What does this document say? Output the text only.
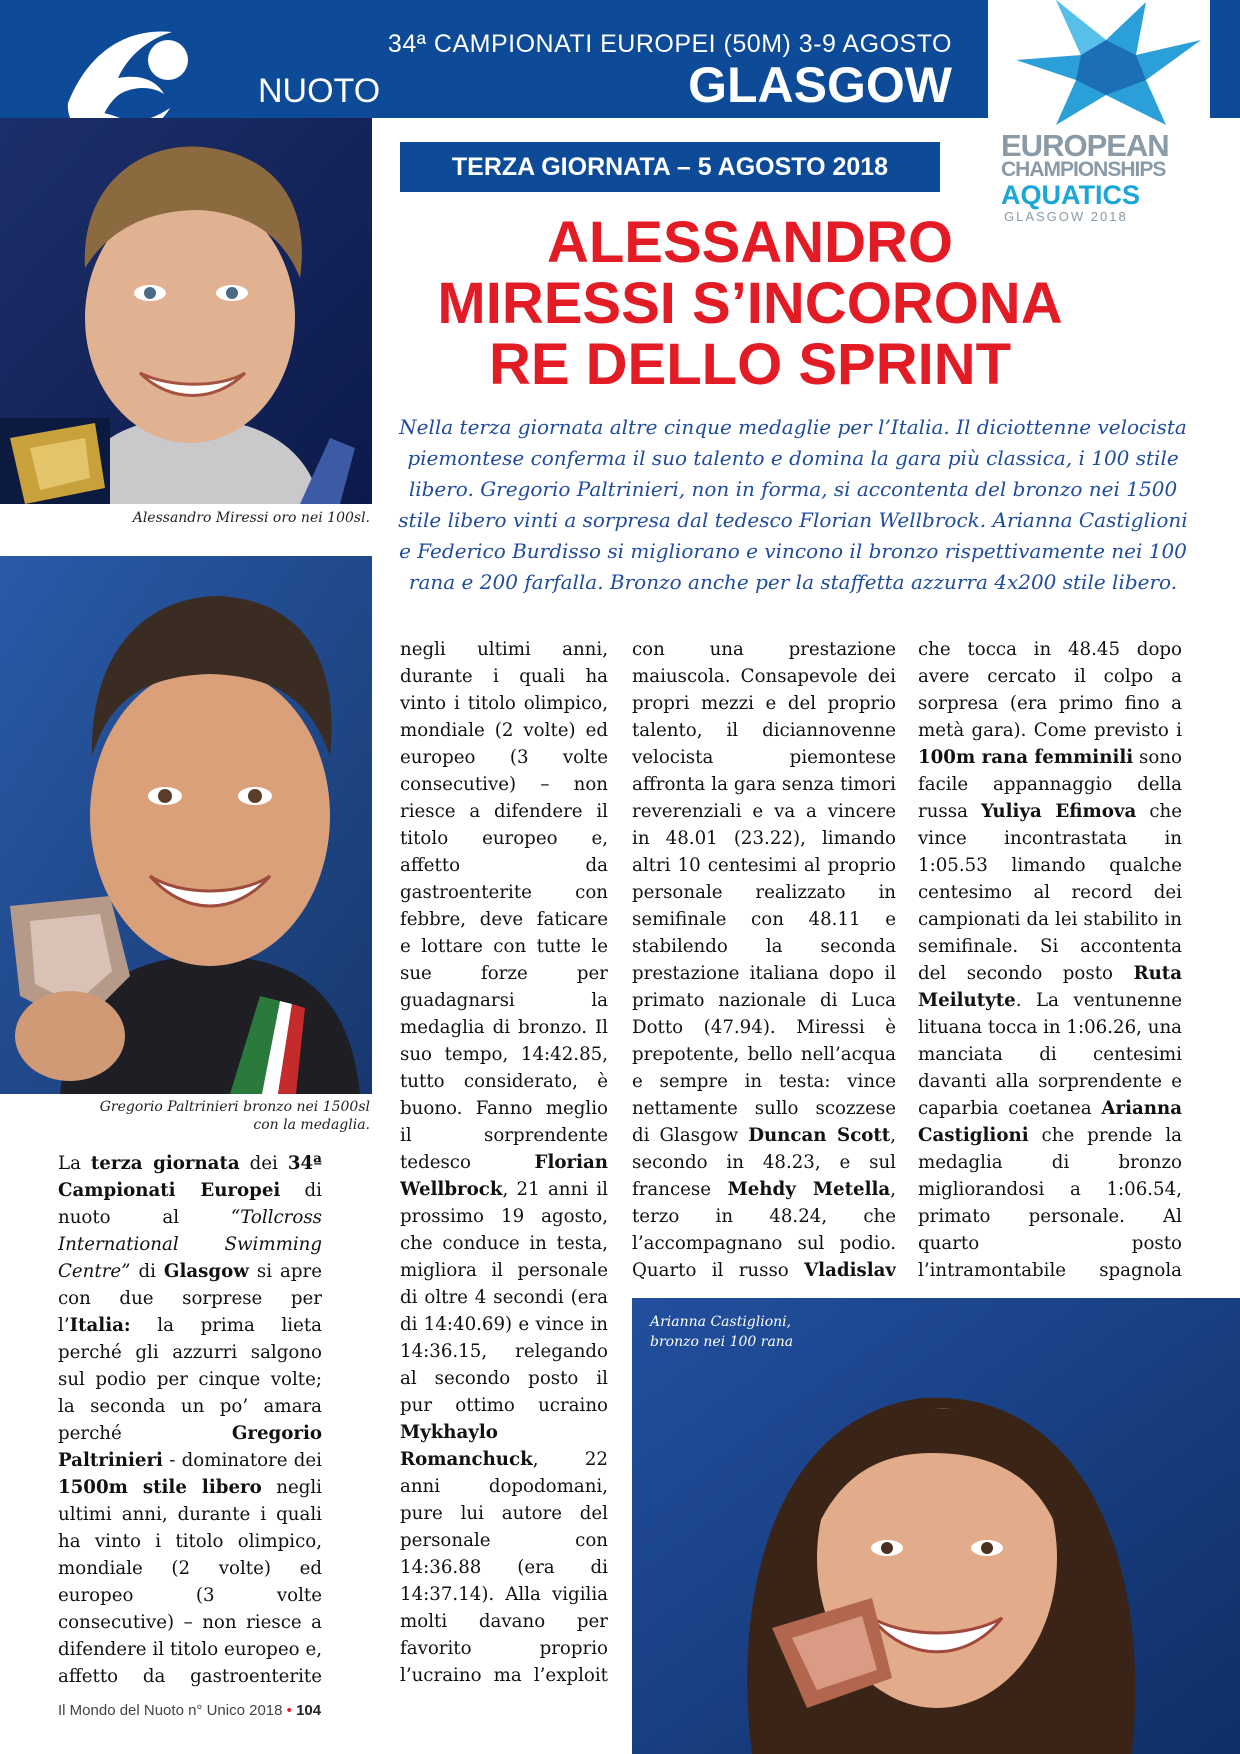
34ª CAMPIONATI EUROPEI (50M) 3-9 AGOSTO
GLASGOW
NUOTO
EUROPEAN
CHAMPIONSHIPS
AQUATICS
GLASGOW 2018
TERZA GIORNATA – 5 AGOSTO 2018
ALESSANDRO
MIRESSI S’INCORONA
RE DELLO SPRINT
Nella terza giornata altre cinque medaglie per l’Italia. Il diciottenne velocista piemontese conferma il suo talento e domina la gara più classica, i 100 stile libero. Gregorio Paltrinieri, non in forma, si accontenta del bronzo nei 1500 stile libero vinti a sorpresa dal tedesco Florian Wellbrock. Arianna Castiglioni e Federico Burdisso si migliorano e vincono il bronzo rispettivamente nei 100 rana e 200 farfalla. Bronzo anche per la staffetta azzurra 4x200 stile libero.
Alessandro Miressi oro nei 100sl.
Gregorio Paltrinieri bronzo nei 1500sl
con la medaglia.
Arianna Castiglioni,
bronzo nei 100 rana

La terza giornata dei 34ª Campionati Europei di nuoto al “Tollcross International Swimming Centre” di Glasgow si apre con due sorprese per l’Italia: la prima lieta perché gli azzurri salgono sul podio per cinque volte; la seconda un po’ amara perché Gregorio Paltrinieri - dominatore dei 1500m stile libero negli ultimi anni, durante i quali ha vinto i titolo olimpico, mondiale (2 volte) ed europeo (3 volte consecutive) – non riesce a difendere il titolo europeo e, affetto da gastroenterite

negli ultimi anni, durante i quali ha vinto i titolo olimpico, mondiale (2 volte) ed europeo (3 volte consecutive) – non riesce a difendere il titolo europeo e, affetto da gastroenterite con febbre, deve faticare e lottare con tutte le sue forze per guadagnarsi la medaglia di bronzo. Il suo tempo, 14:42.85, tutto considerato, è buono. Fanno meglio il sorprendente tedesco Florian Wellbrock, 21 anni il prossimo 19 agosto, che conduce in testa, migliora il personale di oltre 4 secondi (era di 14:40.69) e vince in 14:36.15, relegando al secondo posto il pur ottimo ucraino Mykhaylo Romanchuck, 22 anni dopodomani, pure lui autore del personale con 14:36.88 (era di 14:37.14). Alla vigilia molti davano per favorito proprio l’ucraino ma l’exploit

con una prestazione maiuscola. Consapevole dei propri mezzi e del proprio talento, il diciannovenne velocista piemontese affronta la gara senza timori reverenziali e va a vincere in 48.01 (23.22), limando altri 10 centesimi al proprio personale realizzato in semifinale con 48.11 e stabilendo la seconda prestazione italiana dopo il primato nazionale di Luca Dotto (47.94). Miressi è prepotente, bello nell’acqua e sempre in testa: vince nettamente sullo scozzese di Glasgow Duncan Scott, secondo in 48.23, e sul francese Mehdy Metella, terzo in 48.24, che l’accompagnano sul podio. Quarto il russo Vladislav

che tocca in 48.45 dopo avere cercato il colpo a sorpresa (era primo fino a metà gara). Come previsto i 100m rana femminili sono facile appannaggio della russa Yuliya Efimova che vince incontrastata in 1:05.53 limando qualche centesimo al record dei campionati da lei stabilito in semifinale. Si accontenta del secondo posto Ruta Meilutyte. La ventunenne lituana tocca in 1:06.26, una manciata di centesimi davanti alla sorprendente e caparbia coetanea Arianna Castiglioni che prende la medaglia di bronzo migliorandosi a 1:06.54, primato personale. Al quarto posto l’intramontabile spagnola

Il Mondo del Nuoto n° Unico 2018 • 104
